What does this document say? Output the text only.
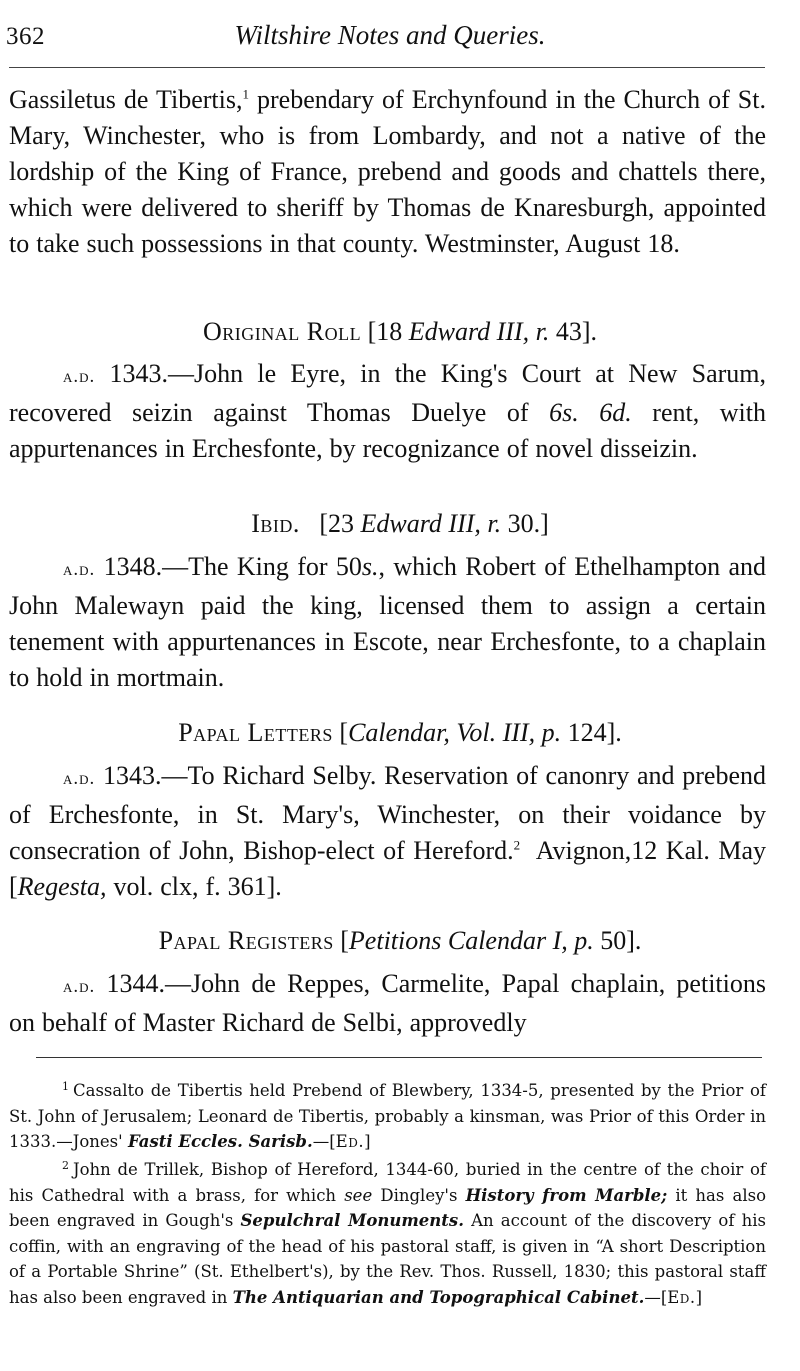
362	Wiltshire Notes and Queries.

Gassiletus de Tibertis,$^1$ prebendary of Erchynfound in the Church of St. Mary, Winchester, who is from Lombardy, and not a native of the lordship of the King of France, prebend and goods and chattels there, which were delivered to sheriff by Thomas de Knaresburgh, appointed to take such possessions in that county. Westminster, August 18.

Original Roll [18 Edward III, r. 43].

a.d. 1343.—John le Eyre, in the King's Court at New Sarum, recovered seizin against Thomas Duelye of 6s. 6d. rent, with appurtenances in Erchesfonte, by recognizance of novel disseizin.

Ibid.   [23 Edward III, r. 30.]

a.d. 1348.—The King for 50s., which Robert of Ethelhampton and John Malewayn paid the king, licensed them to assign a certain tenement with appurtenances in Escote, near Erchesfonte, to a chaplain to hold in mortmain.

Papal Letters [Calendar, Vol. III, p. 124].

a.d. 1343.—To Richard Selby. Reservation of canonry and prebend of Erchesfonte, in St. Mary's, Winchester, on their voidance by consecration of John, Bishop-elect of Hereford.$^2$  Avignon,12 Kal. May [Regesta, vol. clx, f. 361].

Papal Registers [Petitions Calendar I, p. 50].

a.d. 1344.—John de Reppes, Carmelite, Papal chaplain, petitions on behalf of Master Richard de Selbi, approvedly

1 Cassalto de Tibertis held Prebend of Blewbery, 1334-5, presented by the Prior of St. John of Jerusalem; Leonard de Tibertis, probably a kinsman, was Prior of this Order in 1333.—Jones' Fasti Eccles. Sarisb.—[Ed.]

2 John de Trillek, Bishop of Hereford, 1344-60, buried in the centre of the choir of his Cathedral with a brass, for which see Dingley's History from Marble; it has also been engraved in Gough's Sepulchral Monuments. An account of the discovery of his coffin, with an engraving of the head of his pastoral staff, is given in “A short Description of a Portable Shrine” (St. Ethelbert's), by the Rev. Thos. Russell, 1830; this pastoral staff has also been engraved in The Antiquarian and Topographical Cabinet.—[Ed.]
